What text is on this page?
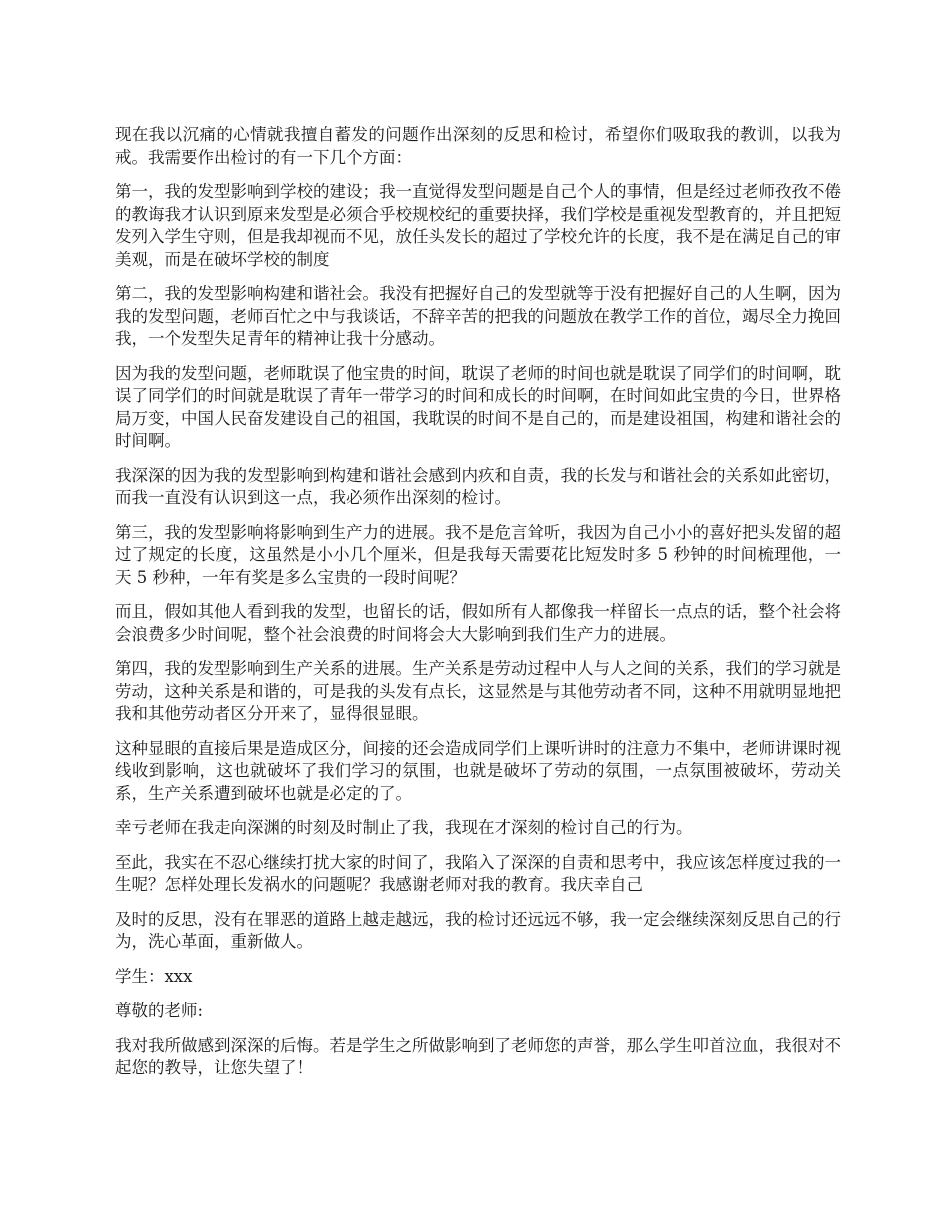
现在我以沉痛的心情就我擅自蓄发的问题作出深刻的反思和检讨，希望你们吸取我的教训，以我为戒。我需要作出检讨的有一下几个方面：

第一，我的发型影响到学校的建设；我一直觉得发型问题是自己个人的事情，但是经过老师孜孜不倦的教诲我才认识到原来发型是必须合乎校规校纪的重要抉择，我们学校是重视发型教育的，并且把短发列入学生守则，但是我却视而不见，放任头发长的超过了学校允许的长度，我不是在满足自己的审美观，而是在破坏学校的制度

第二，我的发型影响构建和谐社会。我没有把握好自己的发型就等于没有把握好自己的人生啊，因为我的发型问题，老师百忙之中与我谈话，不辞辛苦的把我的问题放在教学工作的首位，竭尽全力挽回我，一个发型失足青年的精神让我十分感动。

因为我的发型问题，老师耽误了他宝贵的时间，耽误了老师的时间也就是耽误了同学们的时间啊，耽误了同学们的时间就是耽误了青年一带学习的时间和成长的时间啊，在时间如此宝贵的今日，世界格局万变，中国人民奋发建设自己的祖国，我耽误的时间不是自己的，而是建设祖国，构建和谐社会的时间啊。

我深深的因为我的发型影响到构建和谐社会感到内疚和自责，我的长发与和谐社会的关系如此密切，而我一直没有认识到这一点，我必须作出深刻的检讨。

第三，我的发型影响将影响到生产力的进展。我不是危言耸听，我因为自己小小的喜好把头发留的超过了规定的长度，这虽然是小小几个厘米，但是我每天需要花比短发时多 5 秒钟的时间梳理他，一天 5 秒种，一年有奖是多么宝贵的一段时间呢？

而且，假如其他人看到我的发型，也留长的话，假如所有人都像我一样留长一点点的话，整个社会将会浪费多少时间呢，整个社会浪费的时间将会大大影响到我们生产力的进展。

第四，我的发型影响到生产关系的进展。生产关系是劳动过程中人与人之间的关系，我们的学习就是劳动，这种关系是和谐的，可是我的头发有点长，这显然是与其他劳动者不同，这种不用就明显地把我和其他劳动者区分开来了，显得很显眼。

这种显眼的直接后果是造成区分，间接的还会造成同学们上课听讲时的注意力不集中，老师讲课时视线收到影响，这也就破坏了我们学习的氛围，也就是破坏了劳动的氛围，一点氛围被破坏，劳动关系，生产关系遭到破坏也就是必定的了。

幸亏老师在我走向深渊的时刻及时制止了我，我现在才深刻的检讨自己的行为。

至此，我实在不忍心继续打扰大家的时间了，我陷入了深深的自责和思考中，我应该怎样度过我的一生呢？怎样处理长发祸水的问题呢？我感谢老师对我的教育。我庆幸自己

及时的反思，没有在罪恶的道路上越走越远，我的检讨还远远不够，我一定会继续深刻反思自己的行为，洗心革面，重新做人。

学生：xxx

尊敬的老师:

我对我所做感到深深的后悔。若是学生之所做影响到了老师您的声誉，那么学生叩首泣血，我很对不起您的教导，让您失望了！
